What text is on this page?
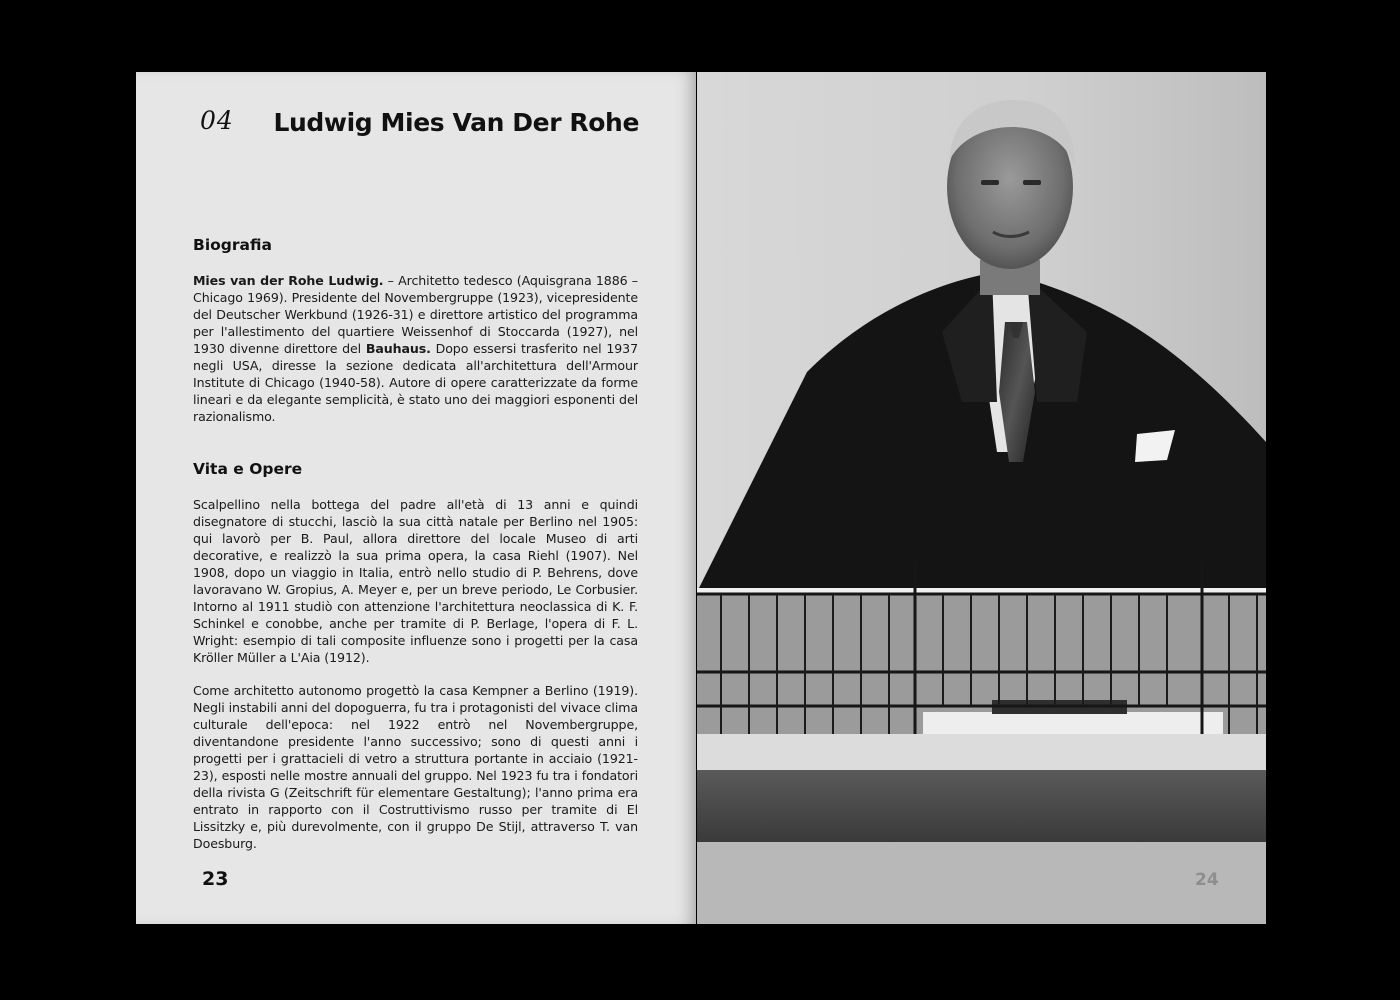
04 Ludwig Mies Van Der Rohe
Biografia

Mies van der Rohe Ludwig. – Architetto tedesco (Aquisgrana 1886 – Chicago 1969). Presidente del Novembergruppe (1923), vicepresidente del Deutscher Werkbund (1926-31) e direttore artistico del programma per l'allestimento del quartiere Weissenhof di Stoccarda (1927), nel 1930 divenne direttore del Bauhaus. Dopo essersi trasferito nel 1937 negli USA, diresse la sezione dedicata all'architettura dell'Armour Institute di Chicago (1940-58). Autore di opere caratterizzate da forme lineari e da elegante semplicità, è stato uno dei maggiori esponenti del razionalismo.

Vita e Opere

Scalpellino nella bottega del padre all'età di 13 anni e quindi disegnatore di stucchi, lasciò la sua città natale per Berlino nel 1905: qui lavorò per B. Paul, allora direttore del locale Museo di arti decorative, e realizzò la sua prima opera, la casa Riehl (1907). Nel 1908, dopo un viaggio in Italia, entrò nello studio di P. Behrens, dove lavoravano W. Gropius, A. Meyer e, per un breve periodo, Le Corbusier. Intorno al 1911 studiò con attenzione l'architettura neoclassica di K. F. Schinkel e conobbe, anche per tramite di P. Berlage, l'opera di F. L. Wright: esempio di tali composite influenze sono i progetti per la casa Kröller Müller a L'Aia (1912).

Come architetto autonomo progettò la casa Kempner a Berlino (1919). Negli instabili anni del dopoguerra, fu tra i protagonisti del vivace clima culturale dell'epoca: nel 1922 entrò nel Novembergruppe, diventandone presidente l'anno successivo; sono di questi anni i progetti per i grattacieli di vetro a struttura portante in acciaio (1921-23), esposti nelle mostre annuali del gruppo. Nel 1923 fu tra i fondatori della rivista G (Zeitschrift für elementare Gestaltung); l'anno prima era entrato in rapporto con il Costruttivismo russo per tramite di El Lissitzky e, più durevolmente, con il gruppo De Stijl, attraverso T. van Doesburg.

23	24
